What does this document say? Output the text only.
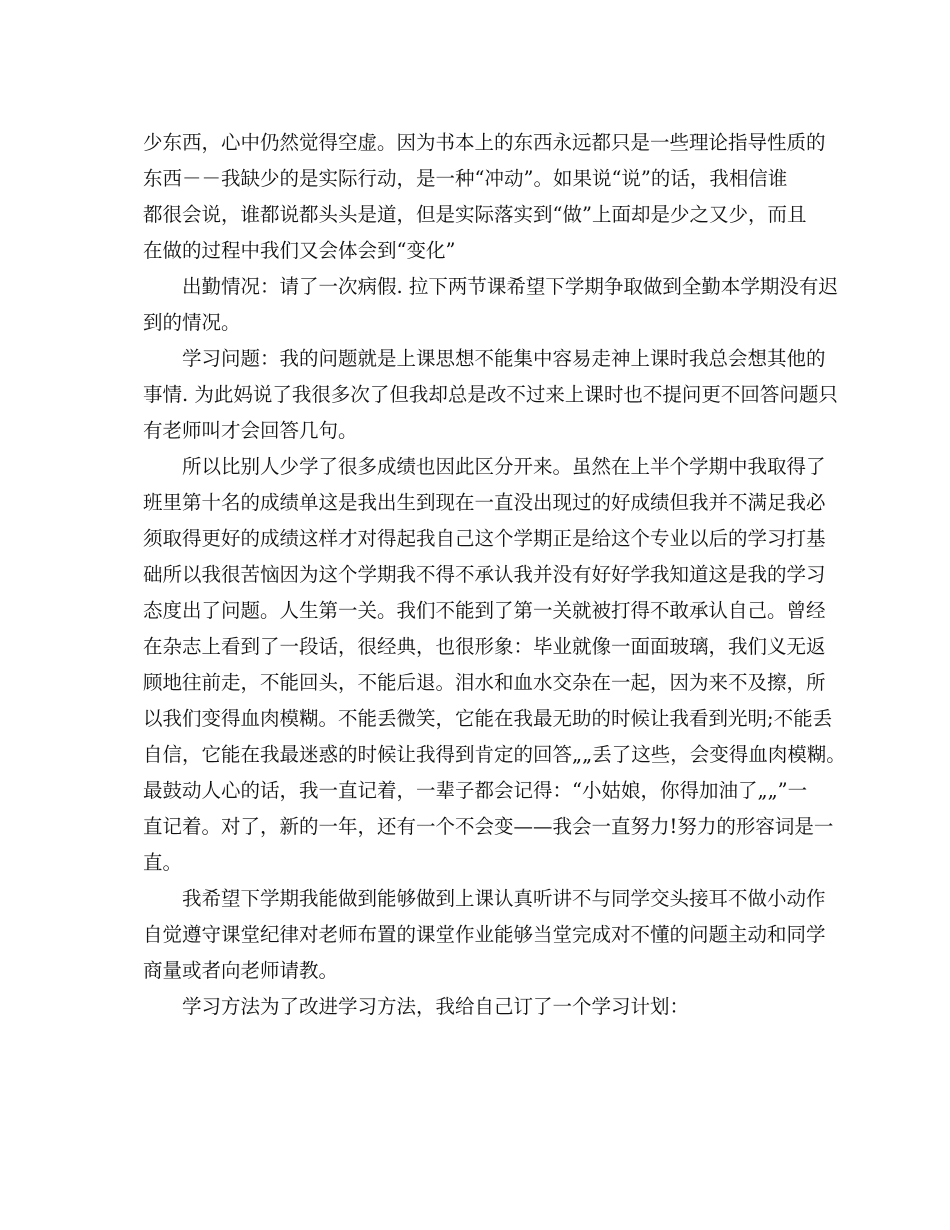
少东西，心中仍然觉得空虚。因为书本上的东西永远都只是一些理论指导性质的
东西－－我缺少的是实际行动，是一种“冲动”。如果说“说”的话，我相信谁
都很会说，谁都说都头头是道，但是实际落实到“做”上面却是少之又少，而且
在做的过程中我们又会体会到“变化”
出勤情况：请了一次病假. 拉下两节课希望下学期争取做到全勤本学期没有迟
到的情况。
学习问题：我的问题就是上课思想不能集中容易走神上课时我总会想其他的
事情. 为此妈说了我很多次了但我却总是改不过来上课时也不提问更不回答问题只
有老师叫才会回答几句。
所以比别人少学了很多成绩也因此区分开来。虽然在上半个学期中我取得了
班里第十名的成绩单这是我出生到现在一直没出现过的好成绩但我并不满足我必
须取得更好的成绩这样才对得起我自己这个学期正是给这个专业以后的学习打基
础所以我很苦恼因为这个学期我不得不承认我并没有好好学我知道这是我的学习
态度出了问题。人生第一关。我们不能到了第一关就被打得不敢承认自己。曾经
在杂志上看到了一段话，很经典，也很形象：毕业就像一面面玻璃，我们义无返
顾地往前走，不能回头，不能后退。泪水和血水交杂在一起，因为来不及擦，所
以我们变得血肉模糊。不能丢微笑，它能在我最无助的时候让我看到光明;不能丢
自信，它能在我最迷惑的时候让我得到肯定的回答„„丢了这些，会变得血肉模糊。
最鼓动人心的话，我一直记着，一辈子都会记得：“小姑娘，你得加油了„„”一
直记着。对了，新的一年，还有一个不会变——我会一直努力!努力的形容词是一
直。
我希望下学期我能做到能够做到上课认真听讲不与同学交头接耳不做小动作
自觉遵守课堂纪律对老师布置的课堂作业能够当堂完成对不懂的问题主动和同学
商量或者向老师请教。
学习方法为了改进学习方法，我给自己订了一个学习计划：
